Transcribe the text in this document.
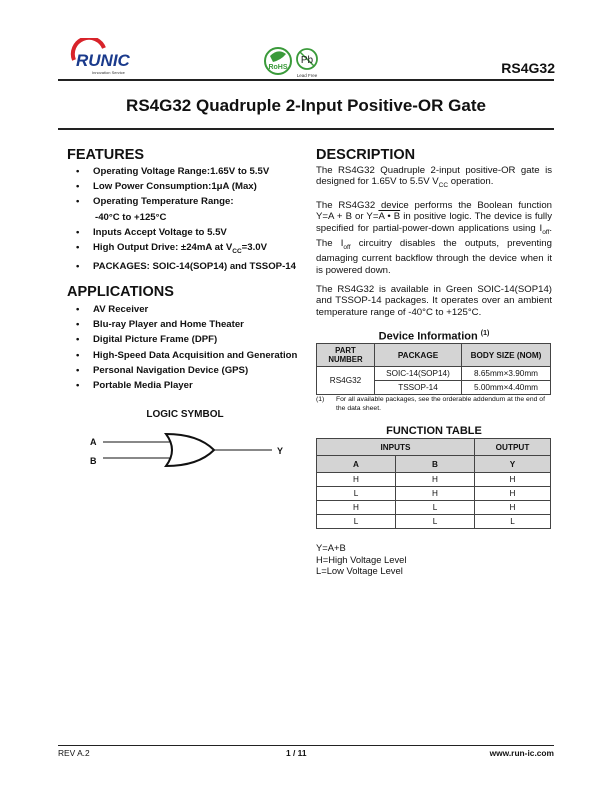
RUNIC
Innovation Service
RoHS
Pb
Lead Free	RS4G32
RS4G32 Quadruple 2-Input Positive-OR Gate
FEATURES
• Operating Voltage Range:1.65V to 5.5V
• Low Power Consumption:1μA (Max)
• Operating Temperature Range:
-40°C to +125°C
• Inputs Accept Voltage to 5.5V
• High Output Drive: ±24mA at $V_{CC}=3.0V$
• PACKAGES: SOIC-14(SOP14) and TSSOP-14
APPLICATIONS
• AV Receiver
• Blu-ray Player and Home Theater
• Digital Picture Frame (DPF)
• High-Speed Data Acquisition and Generation
• Personal Navigation Device (GPS)
• Portable Media Player
LOGIC SYMBOL
A
B
Y
DESCRIPTION
The RS4G32 Quadruple 2-input positive-OR gate is designed for 1.65V to 5.5V $V_{CC}$ operation.
The RS4G32 device performs the Boolean function Y=A + B or Y=A • B in positive logic. The device is fully specified for partial-power-down applications using $I_{off}$. The $I_{off}$ circuitry disables the outputs, preventing damaging current backflow through the device when it is powered down.
The RS4G32 is available in Green SOIC-14(SOP14) and TSSOP-14 packages. It operates over an ambient temperature range of -40°C to +125°C.
Device Information $^{(1)}$
PART NUMBER	PACKAGE	BODY SIZE (NOM)
RS4G32	SOIC-14(SOP14)	8.65mm×3.90mm
	TSSOP-14	5.00mm×4.40mm
(1) For all available packages, see the orderable addendum at the end of the data sheet.
FUNCTION TABLE
INPUTS		OUTPUT
A	B	Y
H	H	H
L	H	H
H	L	H
L	L	L
Y=A+B
H=High Voltage Level
L=Low Voltage Level
REV A.2	1 / 11	www.run-ic.com
